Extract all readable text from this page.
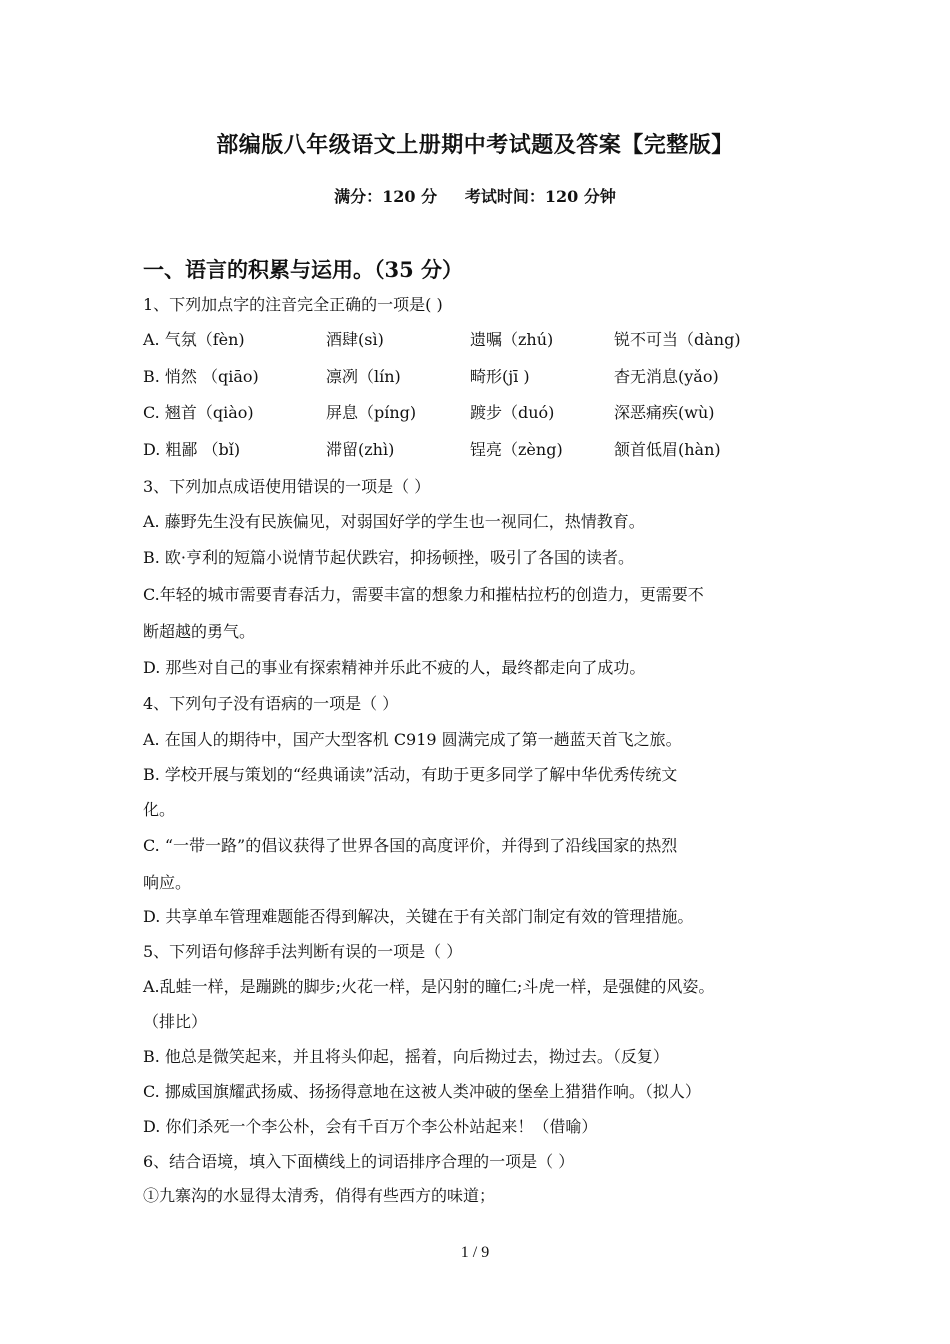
部编版八年级语文上册期中考试题及答案【完整版】
满分：120 分     考试时间：120 分钟
一、语言的积累与运用。（35 分）
1、下列加点字的注音完全正确的一项是( )
A. 气氛（fèn)	酒肆(sì)	遗嘱（zhú)	锐不可当（dàng)
B. 悄然 （qiāo)	凛冽（lín)	畸形(jī )	杳无消息(yǎo)
C. 翘首（qiào)	屏息（píng)	踱步（duó)	深恶痛疾(wù)
D. 粗鄙 （bǐ)	滞留(zhì)	锃亮（zèng)	颔首低眉(hàn)
3、下列加点成语使用错误的一项是（ ）
A. 藤野先生没有民族偏见，对弱国好学的学生也一视同仁，热情教育。
B. 欧·亨利的短篇小说情节起伏跌宕，抑扬顿挫，吸引了各国的读者。
C.年轻的城市需要青春活力，需要丰富的想象力和摧枯拉朽的创造力，更需要不
断超越的勇气。
D. 那些对自己的事业有探索精神并乐此不疲的人，最终都走向了成功。
4、下列句子没有语病的一项是（ ）
A. 在国人的期待中，国产大型客机 C919 圆满完成了第一趟蓝天首飞之旅。
B. 学校开展与策划的“经典诵读”活动，有助于更多同学了解中华优秀传统文
化。
C. “一带一路”的倡议获得了世界各国的高度评价，并得到了沿线国家的热烈
响应。
D. 共享单车管理难题能否得到解决，关键在于有关部门制定有效的管理措施。
5、下列语句修辞手法判断有误的一项是（ ）
A.乱蛙一样，是蹦跳的脚步;火花一样，是闪射的瞳仁;斗虎一样，是强健的风姿。
（排比）
B. 他总是微笑起来，并且将头仰起，摇着，向后拗过去，拗过去。（反复）
C. 挪威国旗耀武扬威、扬扬得意地在这被人类冲破的堡垒上猎猎作响。（拟人）
D. 你们杀死一个李公朴，会有千百万个李公朴站起来！（借喻）
6、结合语境，填入下面横线上的词语排序合理的一项是（ ）
①九寨沟的水显得太清秀，俏得有些西方的味道；
1 / 9
